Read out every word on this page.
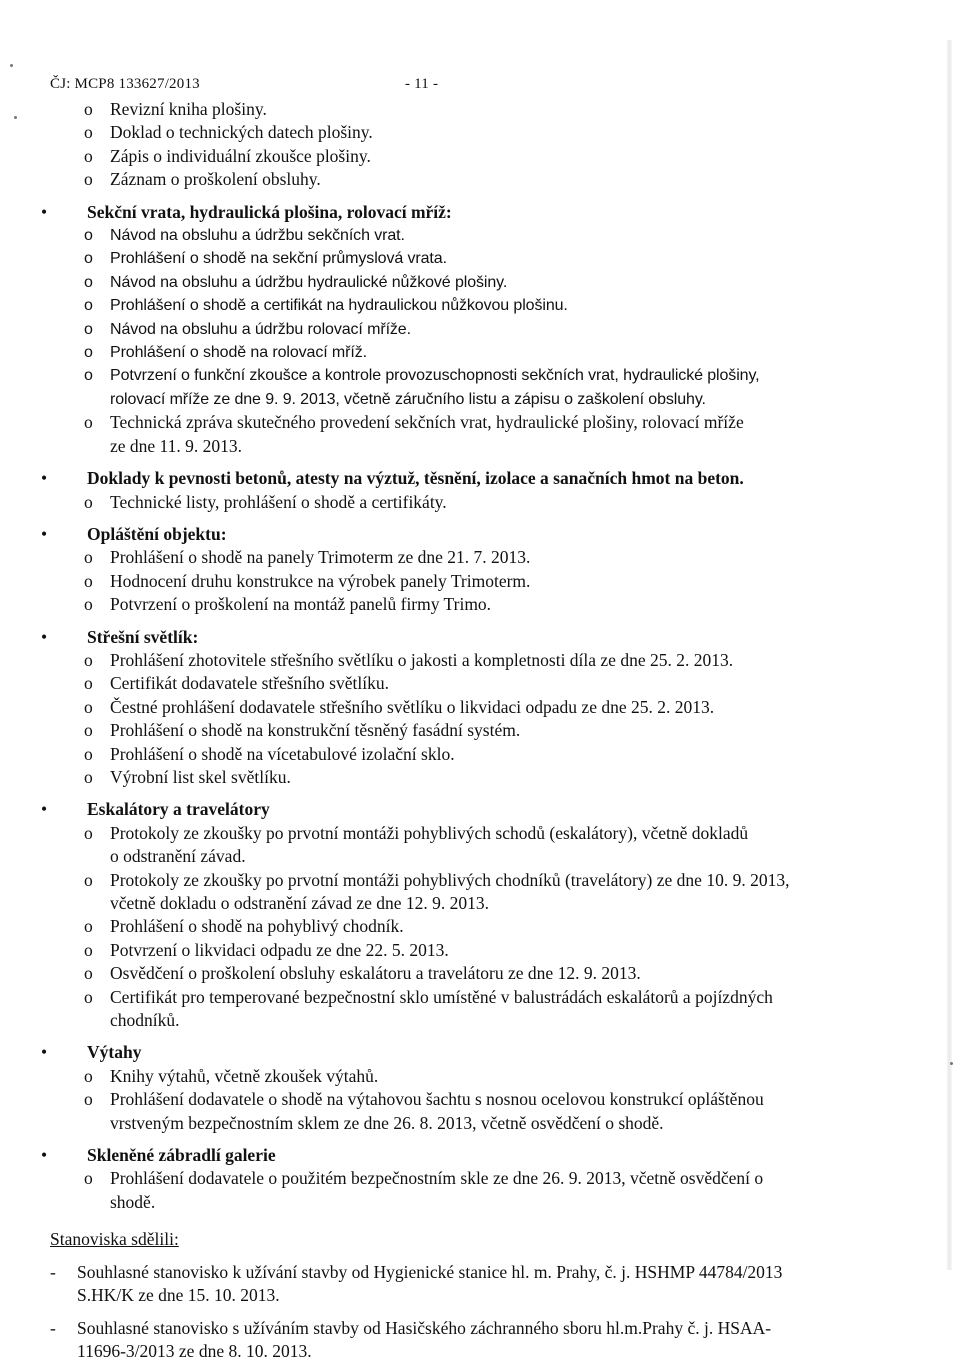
ČJ: MCP8 133627/2013	- 11 -
o Revizní kniha plošiny.
o Doklad o technických datech plošiny.
o Zápis o individuální zkoušce plošiny.
o Záznam o proškolení obsluhy.
• Sekční vrata, hydraulická plošina, rolovací mříž:
o Návod na obsluhu a údržbu sekčních vrat.
o Prohlášení o shodě na sekční průmyslová vrata.
o Návod na obsluhu a údržbu hydraulické nůžkové plošiny.
o Prohlášení o shodě a certifikát na hydraulickou nůžkovou plošinu.
o Návod na obsluhu a údržbu rolovací mříže.
o Prohlášení o shodě na rolovací mříž.
o Potvrzení o funkční zkoušce a kontrole provozuschopnosti sekčních vrat, hydraulické plošiny,
rolovací mříže ze dne 9. 9. 2013, včetně záručního listu a zápisu o zaškolení obsluhy.
o Technická zpráva skutečného provedení sekčních vrat, hydraulické plošiny, rolovací mříže
ze dne 11. 9. 2013.
• Doklady k pevnosti betonů, atesty na výztuž, těsnění, izolace a sanačních hmot na beton.
o Technické listy, prohlášení o shodě a certifikáty.
• Opláštění objektu:
o Prohlášení o shodě na panely Trimoterm ze dne 21. 7. 2013.
o Hodnocení druhu konstrukce na výrobek panely Trimoterm.
o Potvrzení o proškolení na montáž panelů firmy Trimo.
• Střešní světlík:
o Prohlášení zhotovitele střešního světlíku o jakosti a kompletnosti díla ze dne 25. 2. 2013.
o Certifikát dodavatele střešního světlíku.
o Čestné prohlášení dodavatele střešního světlíku o likvidaci odpadu ze dne 25. 2. 2013.
o Prohlášení o shodě na konstrukční těsněný fasádní systém.
o Prohlášení o shodě na vícetabulové izolační sklo.
o Výrobní list skel světlíku.
• Eskalátory a travelátory
o Protokoly ze zkoušky po prvotní montáži pohyblivých schodů (eskalátory), včetně dokladů
o odstranění závad.
o Protokoly ze zkoušky po prvotní montáži pohyblivých chodníků (travelátory) ze dne 10. 9. 2013,
včetně dokladu o odstranění závad ze dne 12. 9. 2013.
o Prohlášení o shodě na pohyblivý chodník.
o Potvrzení o likvidaci odpadu ze dne 22. 5. 2013.
o Osvědčení o proškolení obsluhy eskalátoru a travelátoru ze dne 12. 9. 2013.
o Certifikát pro temperované bezpečnostní sklo umístěné v balustrádách eskalátorů a pojízdných
chodníků.
• Výtahy
o Knihy výtahů, včetně zkoušek výtahů.
o Prohlášení dodavatele o shodě na výtahovou šachtu s nosnou ocelovou konstrukcí opláštěnou
vrstveným bezpečnostním sklem ze dne 26. 8. 2013, včetně osvědčení o shodě.
• Skleněné zábradlí galerie
o Prohlášení dodavatele o použitém bezpečnostním skle ze dne 26. 9. 2013, včetně osvědčení o
shodě.
Stanoviska sdělili:
- Souhlasné stanovisko k užívání stavby od Hygienické stanice hl. m. Prahy, č. j. HSHMP 44784/2013
S.HK/K ze dne 15. 10. 2013.
- Souhlasné stanovisko s užíváním stavby od Hasičského záchranného sboru hl.m.Prahy č. j. HSAA-
11696-3/2013 ze dne 8. 10. 2013.
